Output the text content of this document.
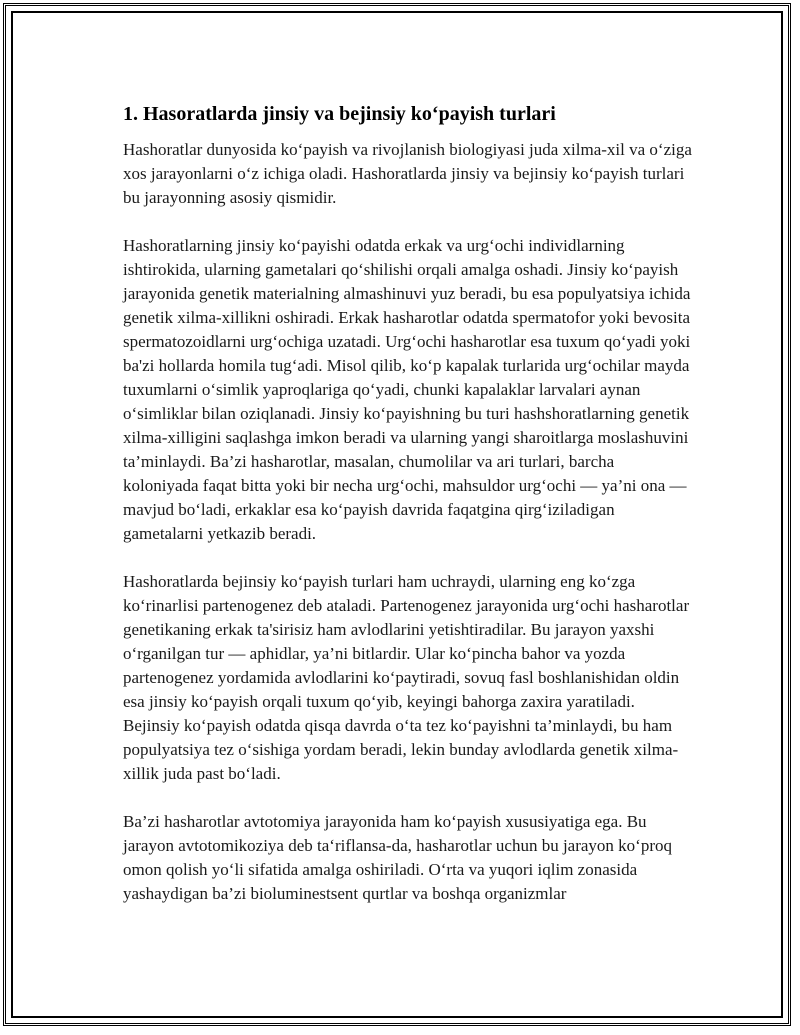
1. Hasoratlarda jinsiy va bejinsiy ko‘payish turlari

Hashoratlar dunyosida ko‘payish va rivojlanish biologiyasi juda xilma-xil va o‘ziga xos jarayonlarni o‘z ichiga oladi. Hashoratlarda jinsiy va bejinsiy ko‘payish turlari bu jarayonning asosiy qismidir.

Hashoratlarning jinsiy ko‘payishi odatda erkak va urg‘ochi individlarning ishtirokida, ularning gametalari qo‘shilishi orqali amalga oshadi. Jinsiy ko‘payish jarayonida genetik materialning almashinuvi yuz beradi, bu esa populyatsiya ichida genetik xilma-xillikni oshiradi. Erkak hasharotlar odatda spermatofor yoki bevosita spermatozoidlarni urg‘ochiga uzatadi. Urg‘ochi hasharotlar esa tuxum qo‘yadi yoki ba'zi hollarda homila tug‘adi. Misol qilib, ko‘p kapalak turlarida urg‘ochilar mayda tuxumlarni o‘simlik yaproqlariga qo‘yadi, chunki kapalaklar larvalari aynan o‘simliklar bilan oziqlanadi. Jinsiy ko‘payishning bu turi hashshoratlarning genetik xilma-xilligini saqlashga imkon beradi va ularning yangi sharoitlarga moslashuvini ta’minlaydi. Ba’zi hasharotlar, masalan, chumolilar va ari turlari, barcha koloniyada faqat bitta yoki bir necha urg‘ochi, mahsuldor urg‘ochi — ya’ni ona — mavjud bo‘ladi, erkaklar esa ko‘payish davrida faqatgina qirg‘iziladigan gametalarni yetkazib beradi.

Hashoratlarda bejinsiy ko‘payish turlari ham uchraydi, ularning eng ko‘zga ko‘rinarlisi partenogenez deb ataladi. Partenogenez jarayonida urg‘ochi hasharotlar genetikaning erkak ta'sirisiz ham avlodlarini yetishtiradilar. Bu jarayon yaxshi o‘rganilgan tur — aphidlar, ya’ni bitlardir. Ular ko‘pincha bahor va yozda partenogenez yordamida avlodlarini ko‘paytiradi, sovuq fasl boshlanishidan oldin esa jinsiy ko‘payish orqali tuxum qo‘yib, keyingi bahorga zaxira yaratiladi. Bejinsiy ko‘payish odatda qisqa davrda o‘ta tez ko‘payishni ta’minlaydi, bu ham populyatsiya tez o‘sishiga yordam beradi, lekin bunday avlodlarda genetik xilma-xillik juda past bo‘ladi.

Ba’zi hasharotlar avtotomiya jarayonida ham ko‘payish xususiyatiga ega. Bu jarayon avtotomikoziya deb ta‘riflansa-da, hasharotlar uchun bu jarayon ko‘proq omon qolish yo‘li sifatida amalga oshiriladi. O‘rta va yuqori iqlim zonasida yashaydigan ba’zi bioluminestsent qurtlar va boshqa organizmlar
